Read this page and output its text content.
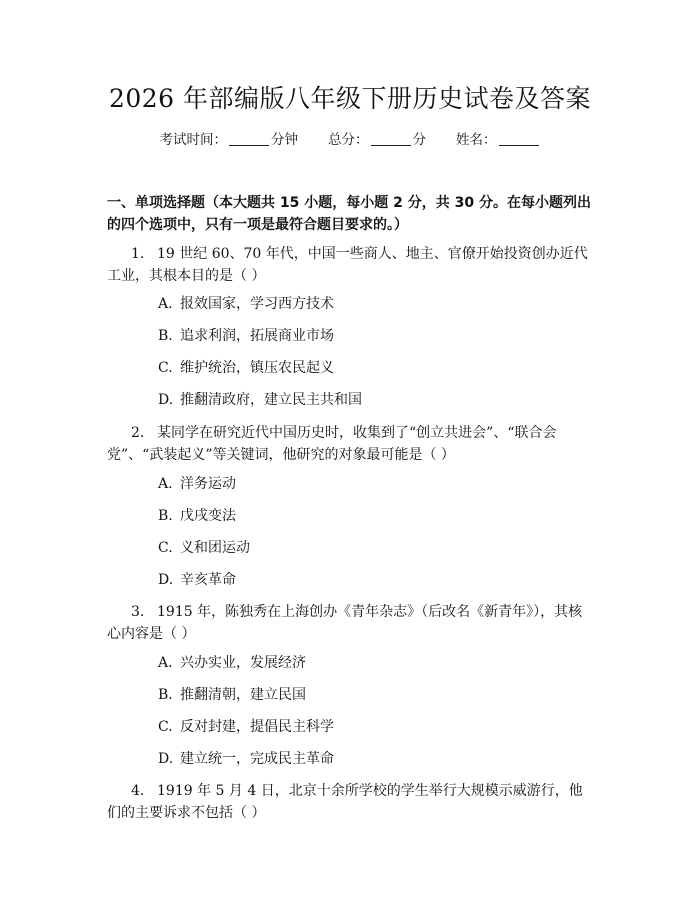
2026 年部编版八年级下册历史试卷及答案
考试时间：	分钟 总分：	分 姓名：
一、单项选择题（本大题共 15 小题，每小题 2 分，共 30 分。在每小题列出的四个选项中，只有一项是最符合题目要求的。）
1. 19 世纪 60、70 年代，中国一些商人、地主、官僚开始投资创办近代工业，其根本目的是（ ）
A. 报效国家，学习西方技术
B. 追求利润，拓展商业市场
C. 维护统治，镇压农民起义
D. 推翻清政府，建立民主共和国
2. 某同学在研究近代中国历史时，收集到了“创立共进会”、“联合会党”、“武装起义”等关键词，他研究的对象最可能是（ ）
A. 洋务运动
B. 戊戌变法
C. 义和团运动
D. 辛亥革命
3. 1915 年，陈独秀在上海创办《青年杂志》（后改名《新青年》），其核心内容是（ ）
A. 兴办实业，发展经济
B. 推翻清朝，建立民国
C. 反对封建，提倡民主科学
D. 建立统一，完成民主革命
4. 1919 年 5 月 4 日，北京十余所学校的学生举行大规模示威游行，他们的主要诉求不包括（ ）
